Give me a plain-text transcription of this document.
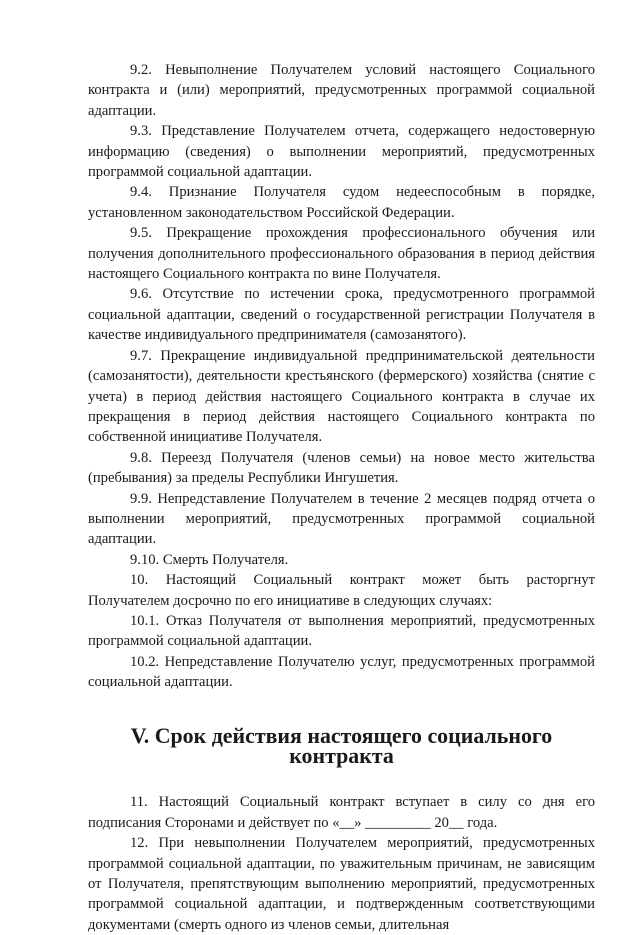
9.2. Невыполнение Получателем условий настоящего Социального контракта и (или) мероприятий, предусмотренных программой социальной адаптации.

9.3. Представление Получателем отчета, содержащего недостоверную информацию (сведения) о выполнении мероприятий, предусмотренных программой социальной адаптации.

9.4. Признание Получателя судом недееспособным в порядке, установленном законодательством Российской Федерации.

9.5. Прекращение прохождения профессионального обучения или получения дополнительного профессионального образования в период действия настоящего Социального контракта по вине Получателя.

9.6. Отсутствие по истечении срока, предусмотренного программой социальной адаптации, сведений о государственной регистрации Получателя в качестве индивидуального предпринимателя (самозанятого).

9.7. Прекращение индивидуальной предпринимательской деятельности (самозанятости), деятельности крестьянского (фермерского) хозяйства (снятие с учета) в период действия настоящего Социального контракта в случае их прекращения в период действия настоящего Социального контракта по собственной инициативе Получателя.

9.8. Переезд Получателя (членов семьи) на новое место жительства (пребывания) за пределы Республики Ингушетия.

9.9. Непредставление Получателем в течение 2 месяцев подряд отчета о выполнении мероприятий, предусмотренных программой социальной адаптации.

9.10. Смерть Получателя.

10. Настоящий Социальный контракт может быть расторгнут Получателем досрочно по его инициативе в следующих случаях:

10.1. Отказ Получателя от выполнения мероприятий, предусмотренных программой социальной адаптации.

10.2. Непредставление Получателю услуг, предусмотренных программой социальной адаптации.

V. Срок действия настоящего социального контракта

11. Настоящий Социальный контракт вступает в силу со дня его подписания Сторонами и действует по «__» _________ 20__ года.

12. При невыполнении Получателем мероприятий, предусмотренных программой социальной адаптации, по уважительным причинам, не зависящим от Получателя, препятствующим выполнению мероприятий, предусмотренных программой социальной адаптации, и подтвержденным соответствующими документами (смерть одного из членов семьи, длительная
